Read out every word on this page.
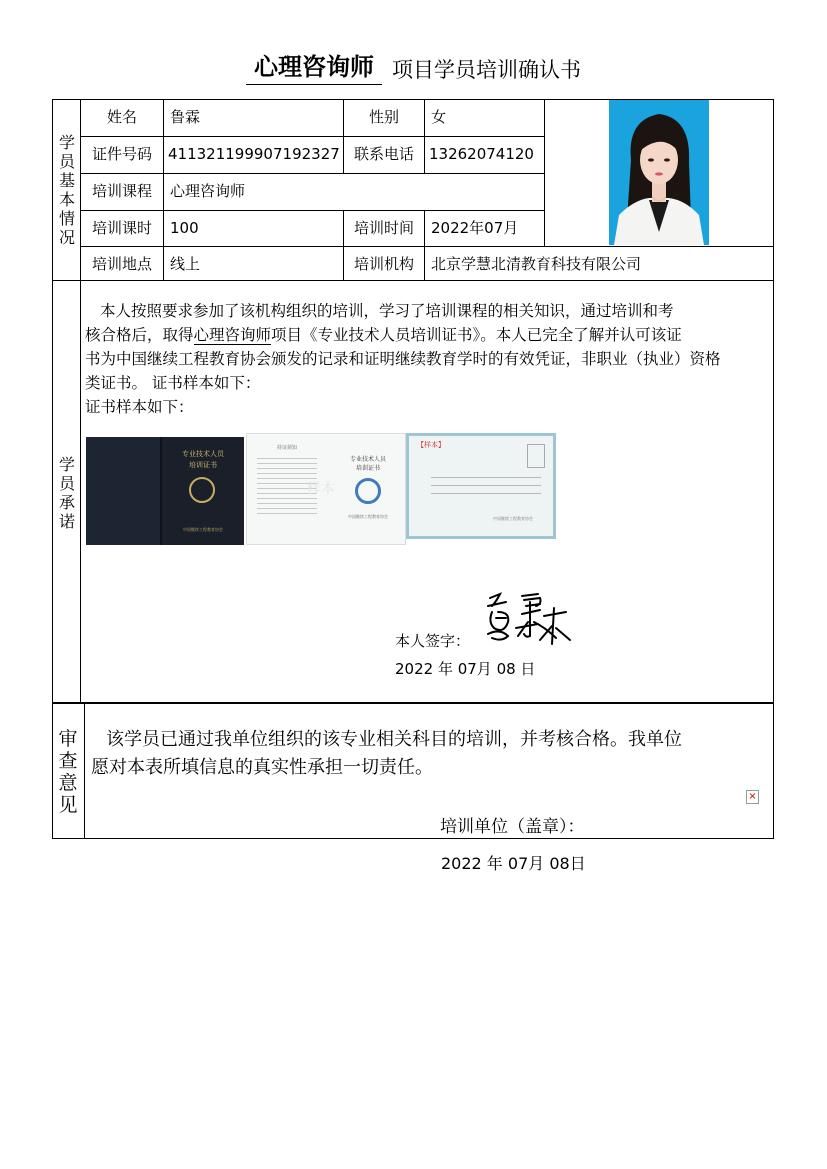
心理咨询师 项目学员培训确认书
学员基本情况
姓名	鲁霖	性别	女
证件号码	411321199907192327 联系电话	13262074120
培训课程	心理咨询师
培训课时	100	培训时间	2022年07月
培训地点	线上	培训机构	北京学慧北清教育科技有限公司
学员承诺
本人按照要求参加了该机构组织的培训，学习了培训课程的相关知识，通过培训和考
核合格后，取得心理咨询师项目《专业技术人员培训证书》。本人已完全了解并认可该证
书为中国继续工程教育协会颁发的记录和证明继续教育学时的有效凭证，非职业（执业）资格
类证书。 证书样本如下：
证书样本如下：
专业技术人员
培训证书
中国继续工程教育协会
持证须知
样本
专业技术人员
培训证书
中国继续工程教育协会
【样本】
中国继续工程教育协会
本人签字：
2022 年 07月 08 日
审查意见
该学员已通过我单位组织的该专业相关科目的培训，并考核合格。我单位
愿对本表所填信息的真实性承担一切责任。
×
培训单位（盖章）：
2022 年 07月 08日
